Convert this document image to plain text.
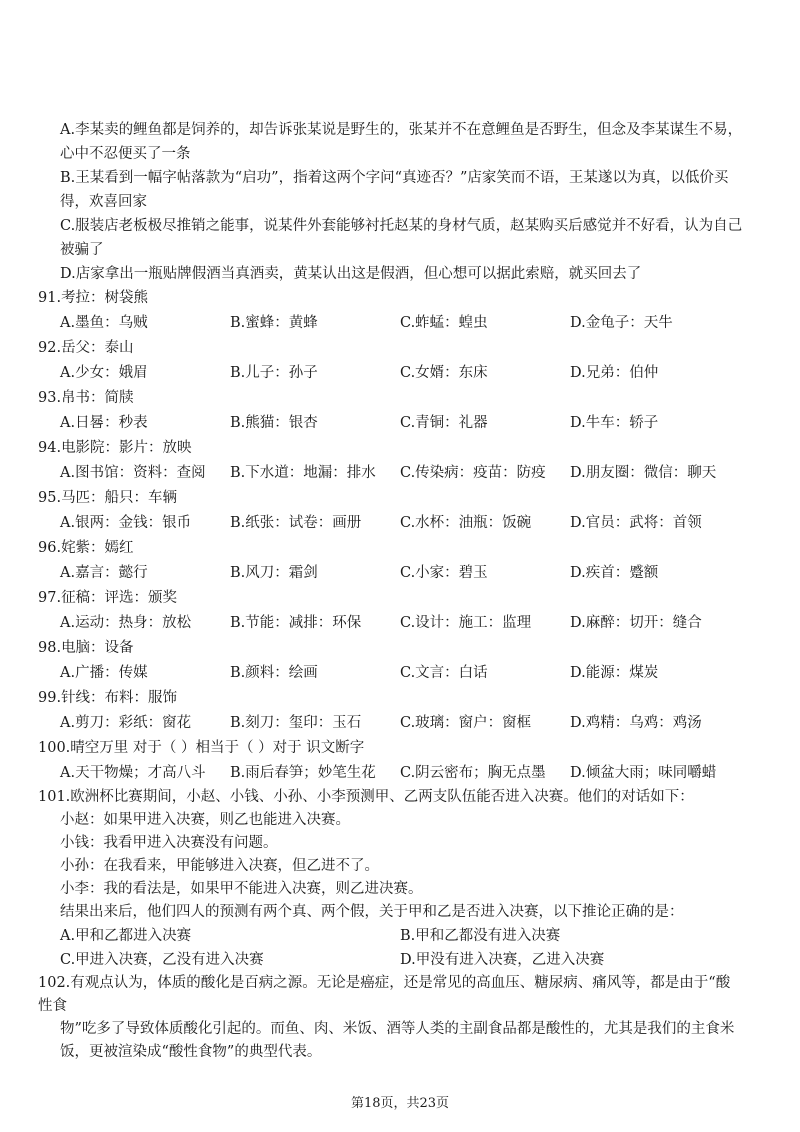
A.李某卖的鲤鱼都是饲养的，却告诉张某说是野生的，张某并不在意鲤鱼是否野生，但念及李某谋生不易，心中不忍便买了一条

B.王某看到一幅字帖落款为“启功”，指着这两个字问“真迹否？”店家笑而不语，王某遂以为真，以低价买得，欢喜回家

C.服装店老板极尽推销之能事，说某件外套能够衬托赵某的身材气质，赵某购买后感觉并不好看，认为自己被骗了

D.店家拿出一瓶贴牌假酒当真酒卖，黄某认出这是假酒，但心想可以据此索赔，就买回去了

91.考拉：树袋熊
A.墨鱼：乌贼	B.蜜蜂：黄蜂	C.蚱蜢：蝗虫	D.金龟子：天牛
92.岳父：泰山
A.少女：娥眉	B.儿子：孙子	C.女婿：东床	D.兄弟：伯仲
93.帛书：简牍
A.日晷：秒表	B.熊猫：银杏	C.青铜：礼器	D.牛车：轿子
94.电影院：影片：放映
A.图书馆：资料：查阅 B.下水道：地漏：排水 C.传染病：疫苗：防疫 D.朋友圈：微信：聊天
95.马匹：船只：车辆
A.银两：金钱：银币	B.纸张：试卷：画册	C.水杯：油瓶：饭碗	D.官员：武将：首领
96.姹紫：嫣红
A.嘉言：懿行	B.风刀：霜剑	C.小家：碧玉	D.疾首：蹙额
97.征稿：评选：颁奖
A.运动：热身：放松	B.节能：减排：环保	C.设计：施工：监理	D.麻醉：切开：缝合
98.电脑：设备
A.广播：传媒	B.颜料：绘画	C.文言：白话	D.能源：煤炭
99.针线：布料：服饰
A.剪刀：彩纸：窗花	B.刻刀：玺印：玉石	C.玻璃：窗户：窗框	D.鸡精：乌鸡：鸡汤
100.晴空万里 对于（ ）相当于（ ）对于 识文断字
A.天干物燥；才高八斗 B.雨后春笋；妙笔生花 C.阴云密布；胸无点墨 D.倾盆大雨；味同嚼蜡
101.欧洲杯比赛期间，小赵、小钱、小孙、小李预测甲、乙两支队伍能否进入决赛。他们的对话如下：

小赵：如果甲进入决赛，则乙也能进入决赛。

小钱：我看甲进入决赛没有问题。

小孙：在我看来，甲能够进入决赛，但乙进不了。

小李：我的看法是，如果甲不能进入决赛，则乙进决赛。

结果出来后，他们四人的预测有两个真、两个假，关于甲和乙是否进入决赛，以下推论正确的是：

A.甲和乙都进入决赛	B.甲和乙都没有进入决赛
C.甲进入决赛，乙没有进入决赛	D.甲没有进入决赛，乙进入决赛
102.有观点认为，体质的酸化是百病之源。无论是癌症，还是常见的高血压、糖尿病、痛风等，都是由于“酸性食
物”吃多了导致体质酸化引起的。而鱼、肉、米饭、酒等人类的主副食品都是酸性的，尤其是我们的主食米饭，更被渲染成“酸性食物”的典型代表。
第18页，共23页
